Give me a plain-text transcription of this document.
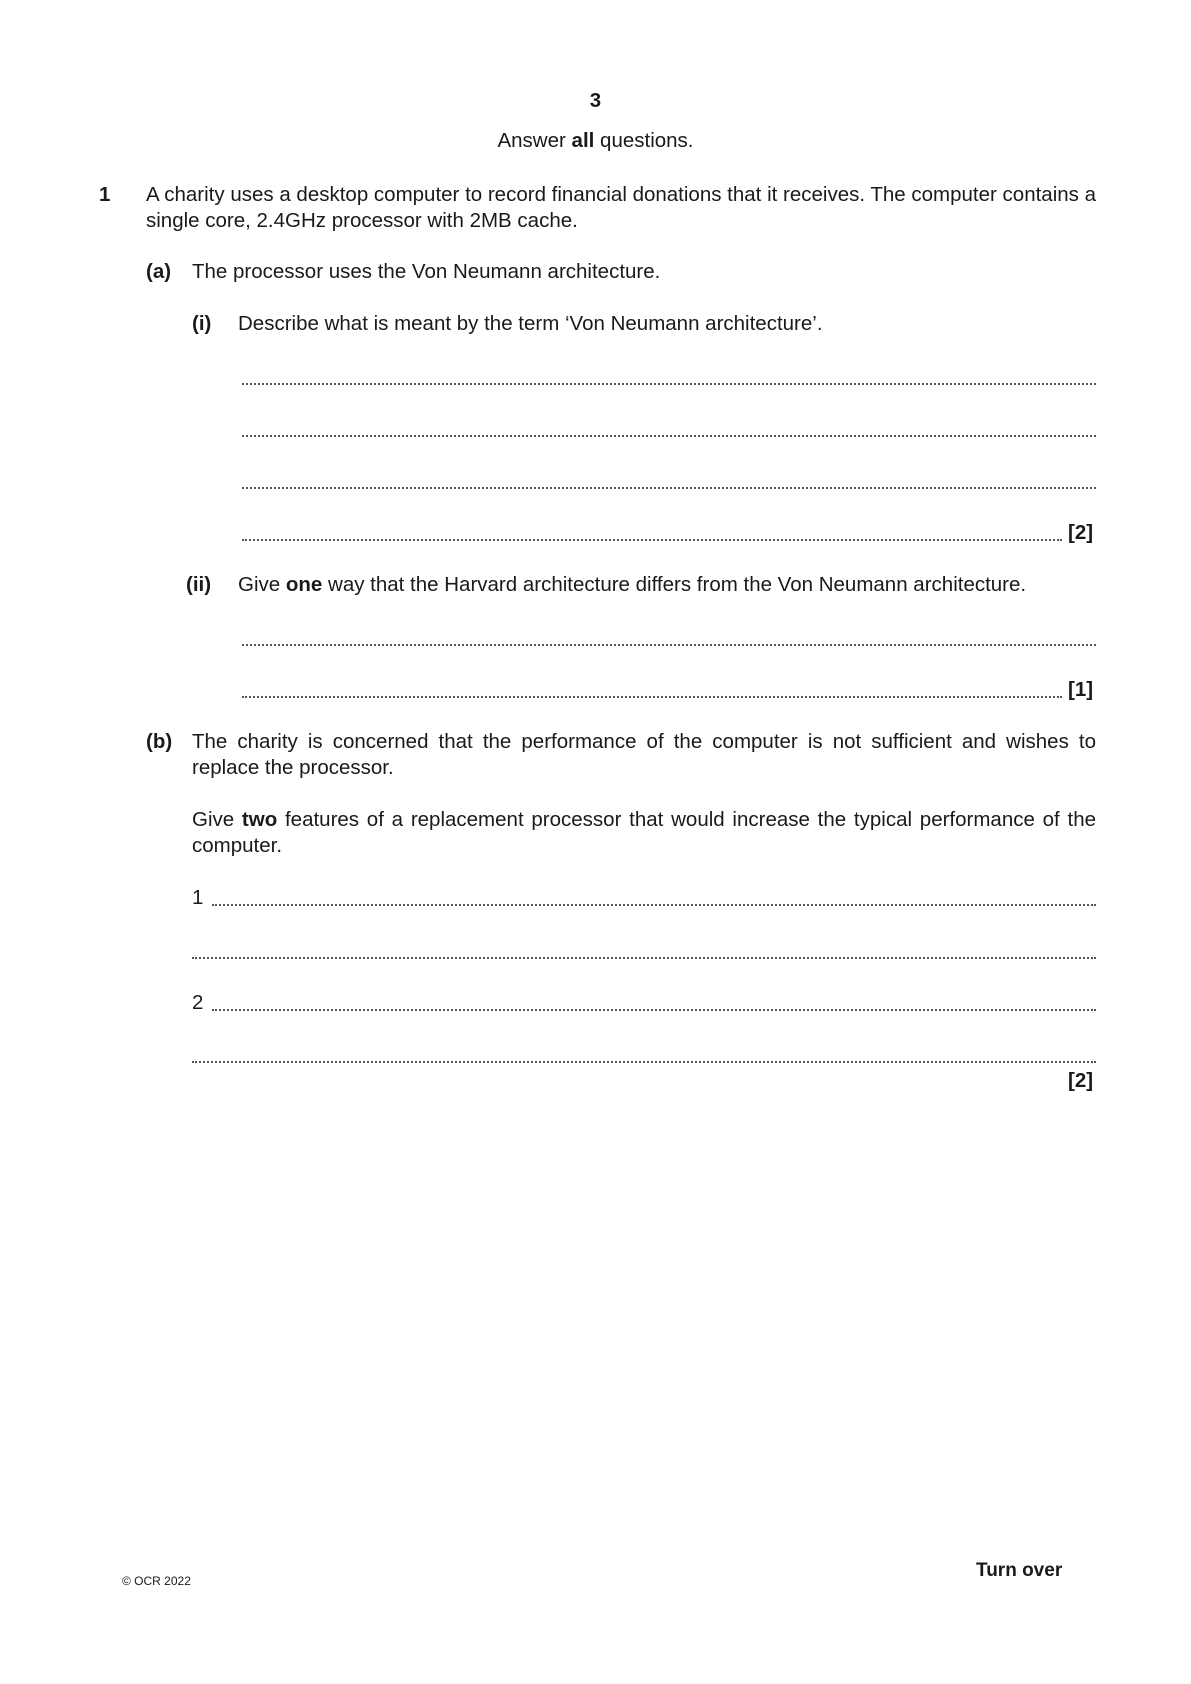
3
Answer all questions.
1 A charity uses a desktop computer to record financial donations that it receives. The computer contains a single core, 2.4GHz processor with 2MB cache.
(a) The processor uses the Von Neumann architecture.
(i) Describe what is meant by the term ‘Von Neumann architecture’.
[2]
(ii) Give one way that the Harvard architecture differs from the Von Neumann architecture.
[1]
(b) The charity is concerned that the performance of the computer is not sufficient and wishes to replace the processor.
Give two features of a replacement processor that would increase the typical performance of the computer.
1
2
[2]
© OCR 2022	Turn over
